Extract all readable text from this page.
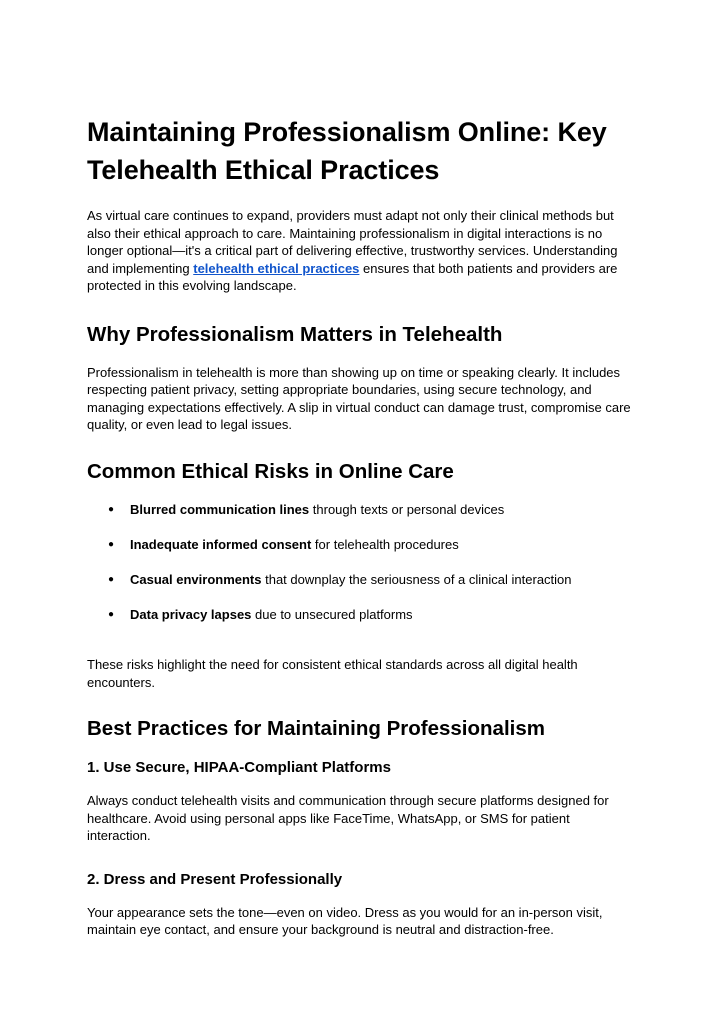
Maintaining Professionalism Online: Key Telehealth Ethical Practices

As virtual care continues to expand, providers must adapt not only their clinical methods but also their ethical approach to care. Maintaining professionalism in digital interactions is no longer optional—it's a critical part of delivering effective, trustworthy services. Understanding and implementing telehealth ethical practices ensures that both patients and providers are protected in this evolving landscape.

Why Professionalism Matters in Telehealth

Professionalism in telehealth is more than showing up on time or speaking clearly. It includes respecting patient privacy, setting appropriate boundaries, using secure technology, and managing expectations effectively. A slip in virtual conduct can damage trust, compromise care quality, or even lead to legal issues.

Common Ethical Risks in Online Care
● Blurred communication lines through texts or personal devices
● Inadequate informed consent for telehealth procedures
● Casual environments that downplay the seriousness of a clinical interaction
● Data privacy lapses due to unsecured platforms

These risks highlight the need for consistent ethical standards across all digital health encounters.

Best Practices for Maintaining Professionalism
1. Use Secure, HIPAA-Compliant Platforms

Always conduct telehealth visits and communication through secure platforms designed for healthcare. Avoid using personal apps like FaceTime, WhatsApp, or SMS for patient interaction.

2. Dress and Present Professionally

Your appearance sets the tone—even on video. Dress as you would for an in-person visit, maintain eye contact, and ensure your background is neutral and distraction-free.
